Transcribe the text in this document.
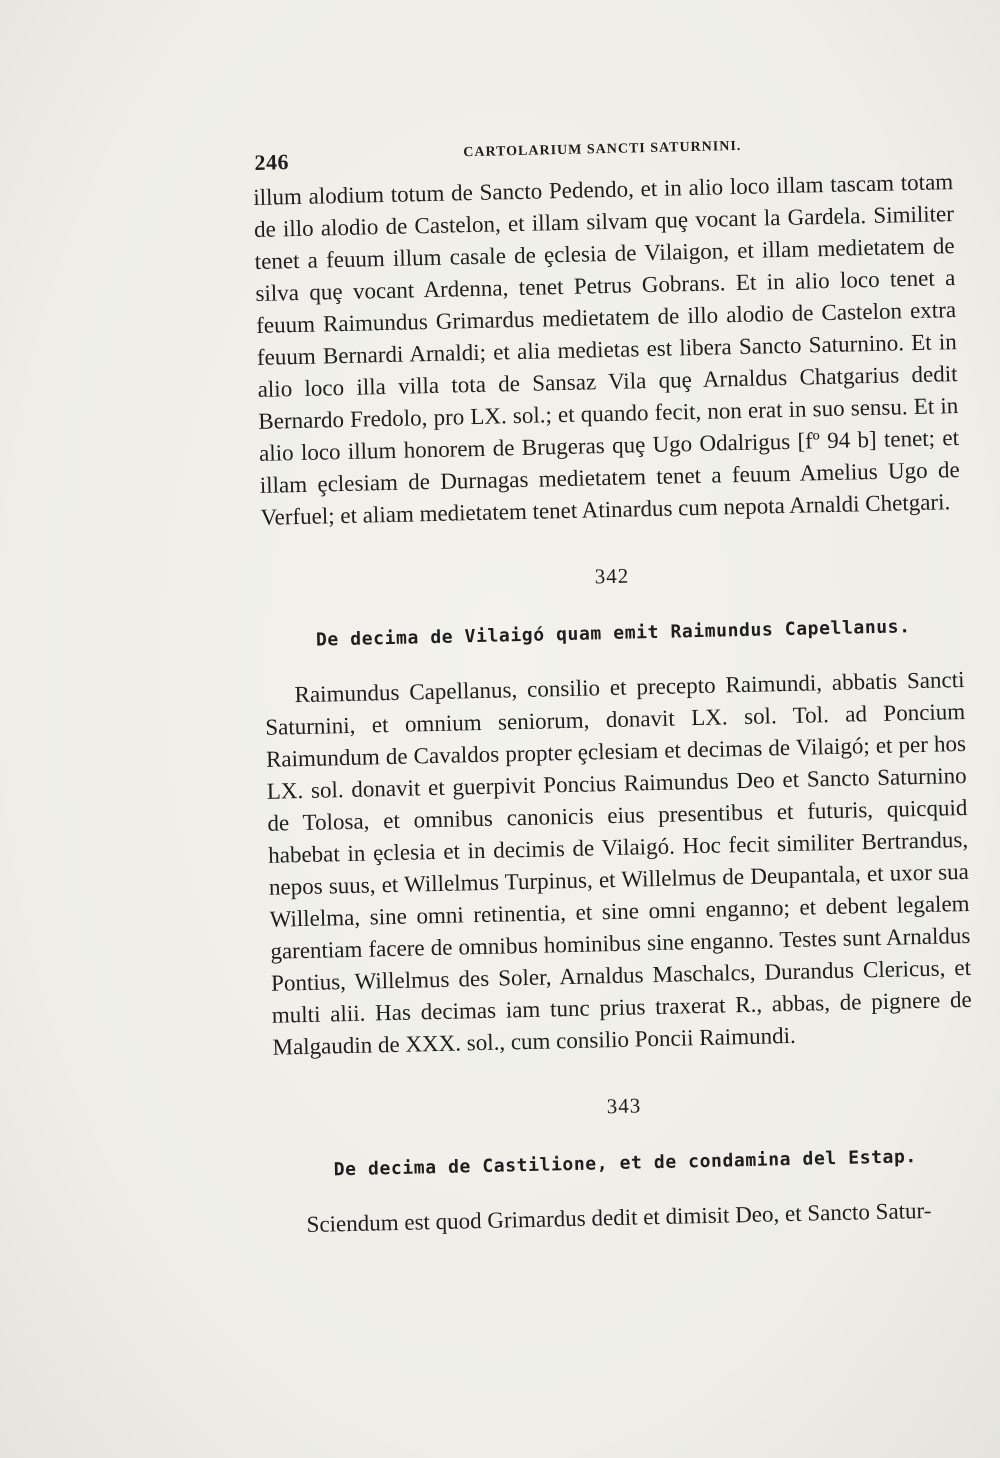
246	CARTOLARIUM SANCTI SATURNINI.

illum alodium totum de Sancto Pedendo, et in alio loco illam tascam totam de illo alodio de Castelon, et illam silvam quȩ vocant la Gardela. Similiter tenet a feuum illum casale de ȩclesia de Vilaigon, et illam medietatem de silva quȩ vocant Ardenna, tenet Petrus Gobrans. Et in alio loco tenet a feuum Raimundus Grimardus medietatem de illo alodio de Castelon extra feuum Bernardi Arnaldi; et alia medietas est libera Sancto Saturnino. Et in alio loco illa villa tota de Sansaz Vila quȩ Arnaldus Chatgarius dedit Bernardo Fredolo, pro LX. sol.; et quando fecit, non erat in suo sensu. Et in alio loco illum honorem de Brugeras quȩ Ugo Odalrigus [fº 94 b] tenet; et illam ȩclesiam de Durnagas medietatem tenet a feuum Amelius Ugo de Verfuel; et aliam medietatem tenet Atinardus cum nepota Arnaldi Chetgari.

342
De decima de Vilaigó quam emit Raimundus Capellanus.

Raimundus Capellanus, consilio et precepto Raimundi, abbatis Sancti Saturnini, et omnium seniorum, donavit LX. sol. Tol. ad Poncium Raimundum de Cavaldos propter ȩclesiam et decimas de Vilaigó; et per hos LX. sol. donavit et guerpivit Poncius Raimundus Deo et Sancto Saturnino de Tolosa, et omnibus canonicis eius presentibus et futuris, quicquid habebat in ȩclesia et in decimis de Vilaigó. Hoc fecit similiter Bertrandus, nepos suus, et Willelmus Turpinus, et Willelmus de Deupantala, et uxor sua Willelma, sine omni retinentia, et sine omni enganno; et debent legalem garentiam facere de omnibus hominibus sine enganno. Testes sunt Arnaldus Pontius, Willelmus des Soler, Arnaldus Maschalcs, Durandus Clericus, et multi alii. Has decimas iam tunc prius traxerat R., abbas, de pignere de Malgaudin de XXX. sol., cum consilio Poncii Raimundi.

343
De decima de Castilione, et de condamina del Estap.

Sciendum est quod Grimardus dedit et dimisit Deo, et Sancto Satur-
